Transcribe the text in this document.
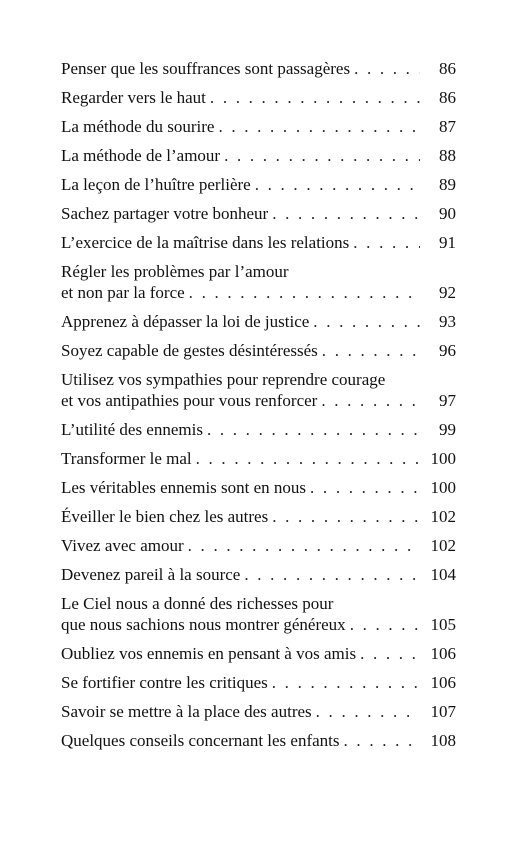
Penser que les souffrances sont passagères . . .	86
Regarder vers le haut . . .	86
La méthode du sourire . . .	87
La méthode de l’amour . . .	88
La leçon de l’huître perlière . . .	89
Sachez partager votre bonheur . . .	90
L’exercice de la maîtrise dans les relations . . .	91
Régler les problèmes par l’amour
et non par la force . . .	92
Apprenez à dépasser la loi de justice . . .	93
Soyez capable de gestes désintéressés . . .	96
Utilisez vos sympathies pour reprendre courage
et vos antipathies pour vous renforcer . . .	97
L’utilité des ennemis . . .	99
Transformer le mal . . .	100
Les véritables ennemis sont en nous . . .	100
Éveiller le bien chez les autres . . .	102
Vivez avec amour . . .	102
Devenez pareil à la source . . .	104
Le Ciel nous a donné des richesses pour
que nous sachions nous montrer généreux . . .	105
Oubliez vos ennemis en pensant à vos amis . . .	106
Se fortifier contre les critiques . . .	106
Savoir se mettre à la place des autres . . .	107
Quelques conseils concernant les enfants . . .	108
